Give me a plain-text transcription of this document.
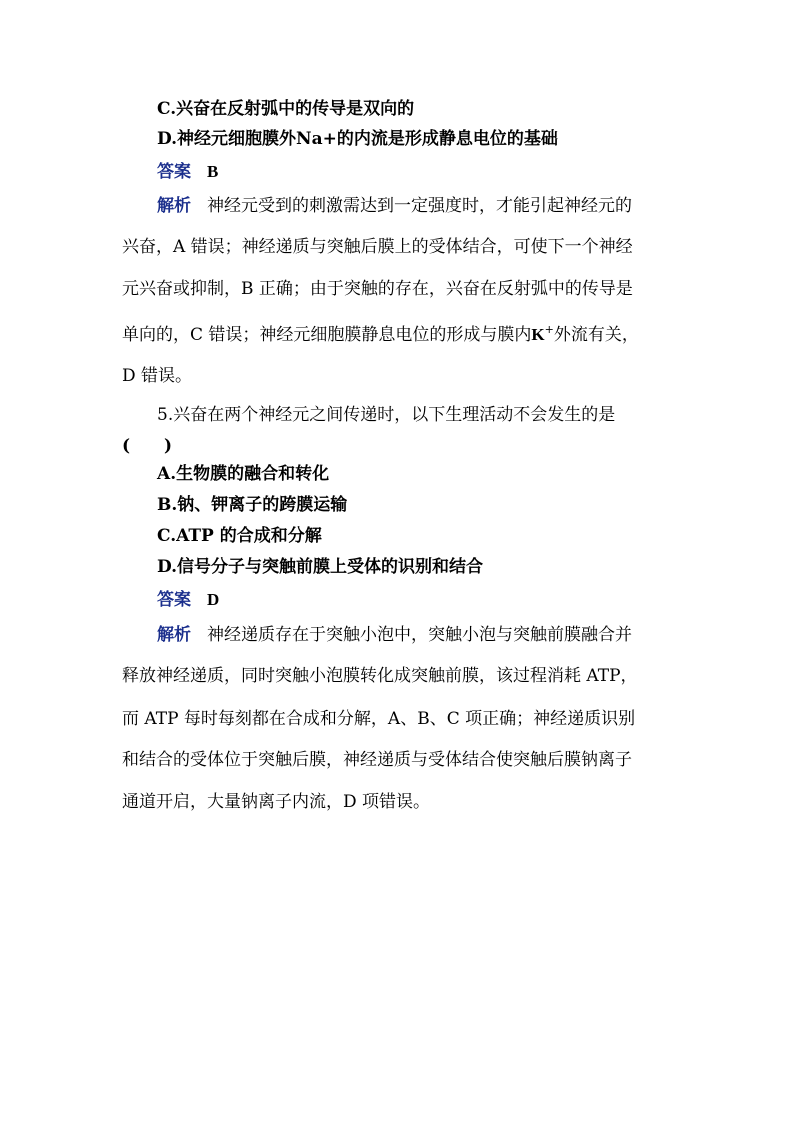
C.兴奋在反射弧中的传导是双向的
D.神经元细胞膜外Na+的内流是形成静息电位的基础
答案 B
解析 神经元受到的刺激需达到一定强度时，才能引起神经元的
兴奋，A 错误；神经递质与突触后膜上的受体结合，可使下一个神经
元兴奋或抑制，B 正确；由于突触的存在，兴奋在反射弧中的传导是
单向的，C 错误；神经元细胞膜静息电位的形成与膜内K+外流有关，
D 错误。
5.兴奋在两个神经元之间传递时，以下生理活动不会发生的是
(　　)
A.生物膜的融合和转化
B.钠、钾离子的跨膜运输
C.ATP 的合成和分解
D.信号分子与突触前膜上受体的识别和结合
答案 D
解析 神经递质存在于突触小泡中，突触小泡与突触前膜融合并
释放神经递质，同时突触小泡膜转化成突触前膜，该过程消耗 ATP，
而 ATP 每时每刻都在合成和分解，A、B、C 项正确；神经递质识别
和结合的受体位于突触后膜，神经递质与受体结合使突触后膜钠离子
通道开启，大量钠离子内流，D 项错误。
